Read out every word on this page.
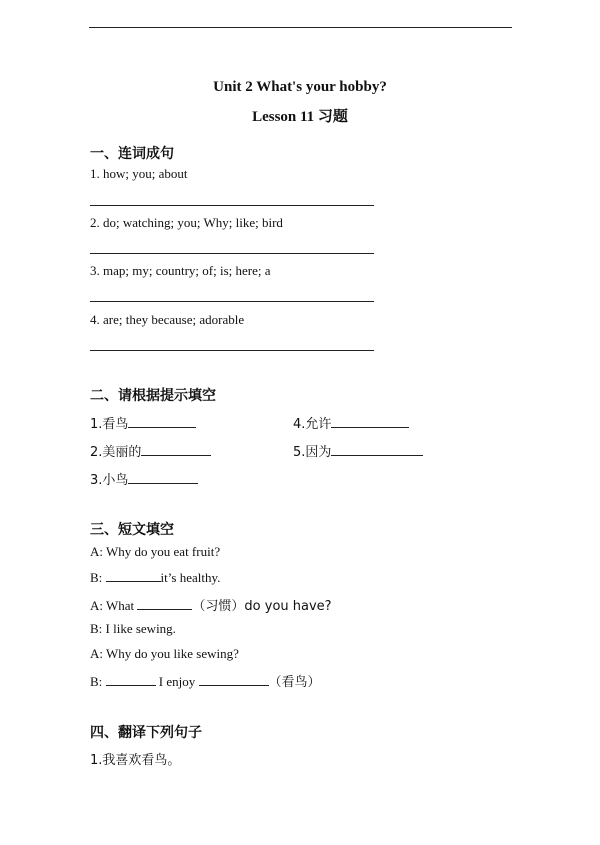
Unit 2 What's your hobby?
Lesson 11 习题
一、连词成句
1. how; you; about
2. do; watching; you; Why; like; bird
3. map; my; country; of; is; here; a
4. are; they because; adorable
二、请根据提示填空
1.看鸟	4.允许
2.美丽的	5.因为
3.小鸟
三、短文填空
A: Why do you eat fruit?
B:	it’s healthy.
A: What	（习惯）do you have?
B: I like sewing.
A: Why do you like sewing?
B:	I enjoy	（看鸟）
四、翻译下列句子
1.我喜欢看鸟。
